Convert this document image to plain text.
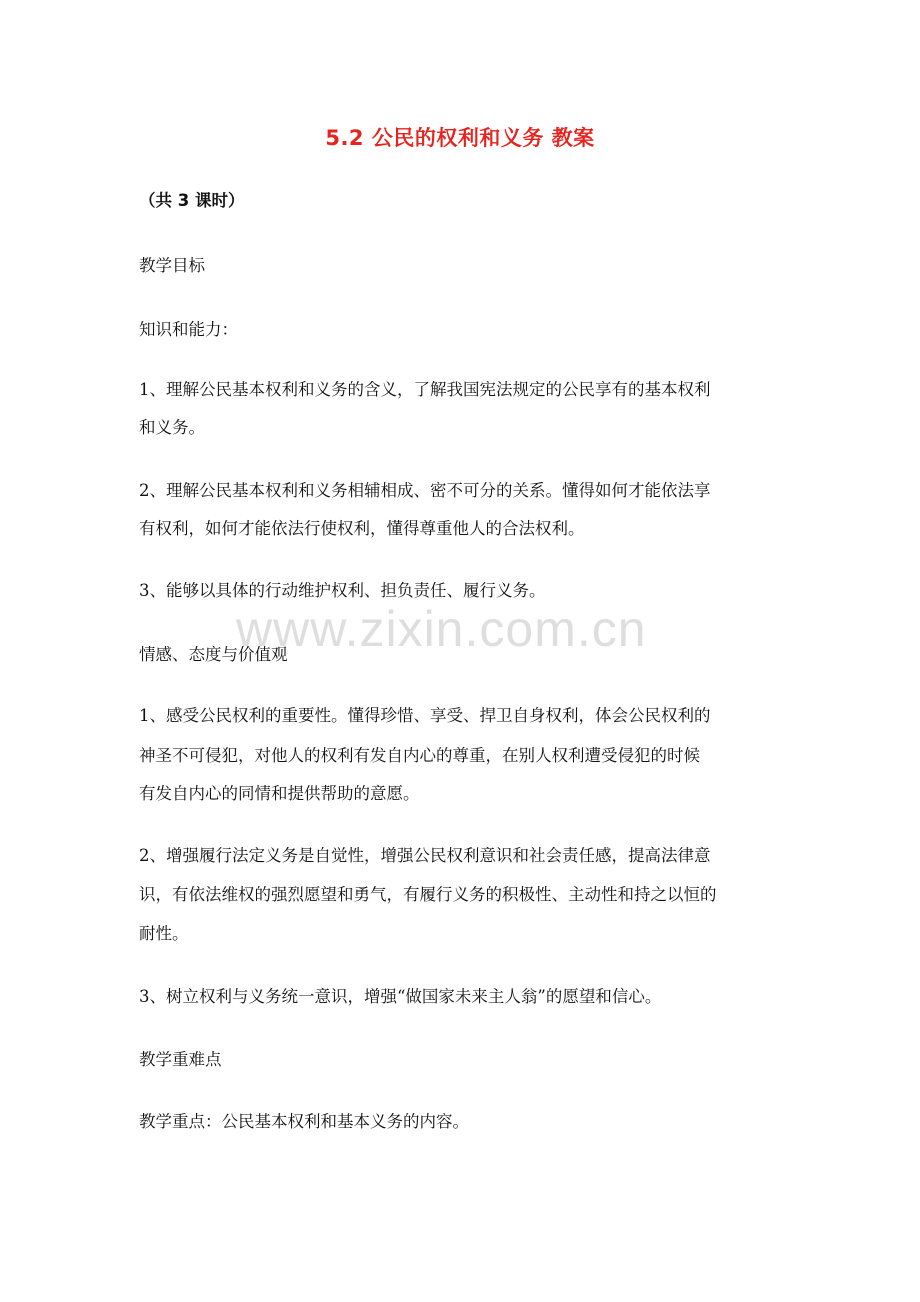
5.2 公民的权利和义务 教案
www.zixin.com.cn
（共 3 课时）
教学目标
知识和能力：
1、理解公民基本权利和义务的含义，了解我国宪法规定的公民享有的基本权利
和义务。
2、理解公民基本权利和义务相辅相成、密不可分的关系。懂得如何才能依法享
有权利，如何才能依法行使权利，懂得尊重他人的合法权利。
3、能够以具体的行动维护权利、担负责任、履行义务。
情感、态度与价值观
1、感受公民权利的重要性。懂得珍惜、享受、捍卫自身权利，体会公民权利的
神圣不可侵犯，对他人的权利有发自内心的尊重，在别人权利遭受侵犯的时候
有发自内心的同情和提供帮助的意愿。
2、增强履行法定义务是自觉性，增强公民权利意识和社会责任感，提高法律意
识，有依法维权的强烈愿望和勇气，有履行义务的积极性、主动性和持之以恒的
耐性。
3、树立权利与义务统一意识，增强“做国家未来主人翁”的愿望和信心。
教学重难点
教学重点：公民基本权利和基本义务的内容。
